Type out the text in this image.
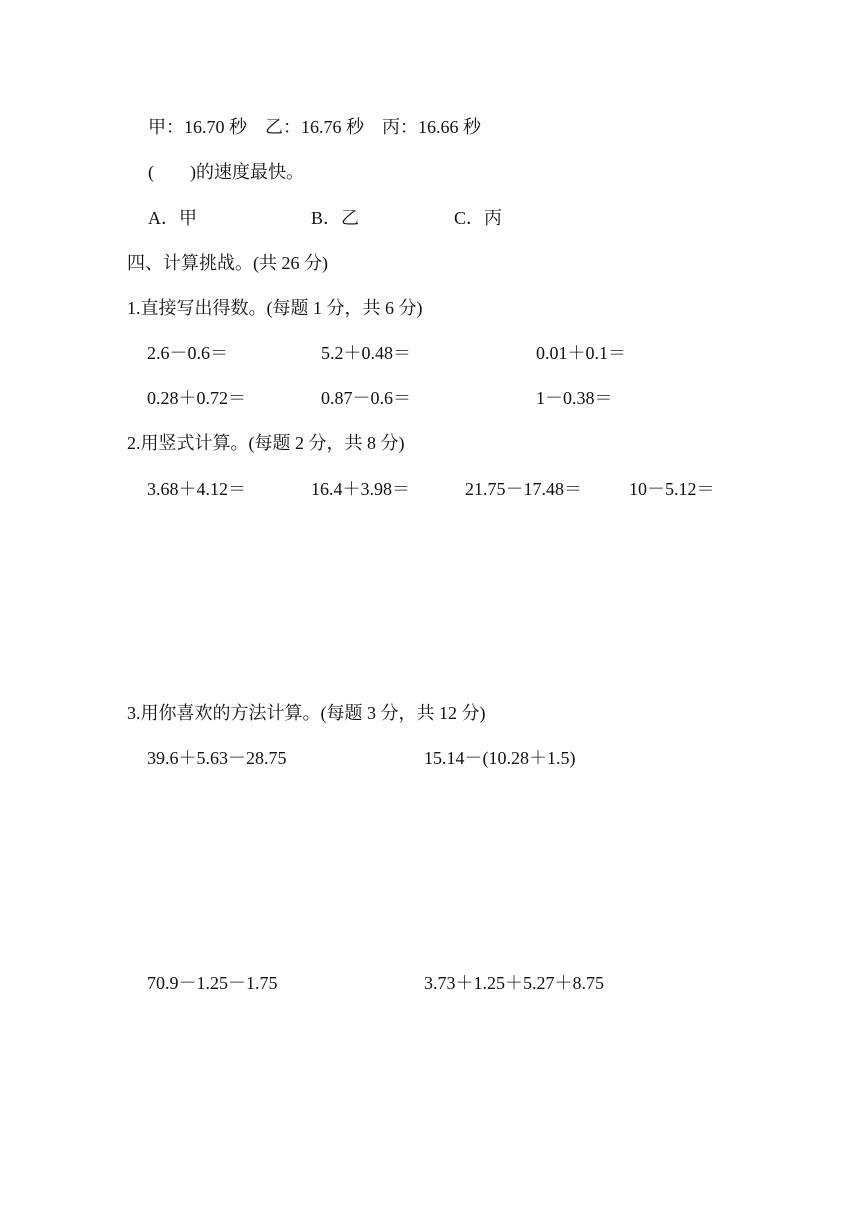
甲：16.70 秒　乙：16.76 秒　丙：16.66 秒
(　　)的速度最快。
A．甲	B．乙	C．丙
四、计算挑战。(共 26 分)
1.直接写出得数。(每题 1 分，共 6 分)
2.6－0.6＝	5.2＋0.48＝	0.01＋0.1＝
0.28＋0.72＝	0.87－0.6＝	1－0.38＝
2.用竖式计算。(每题 2 分，共 8 分)
3.68＋4.12＝	16.4＋3.98＝	21.75－17.48＝	10－5.12＝
3.用你喜欢的方法计算。(每题 3 分，共 12 分)
39.6＋5.63－28.75	15.14－(10.28＋1.5)
70.9－1.25－1.75	3.73＋1.25＋5.27＋8.75
